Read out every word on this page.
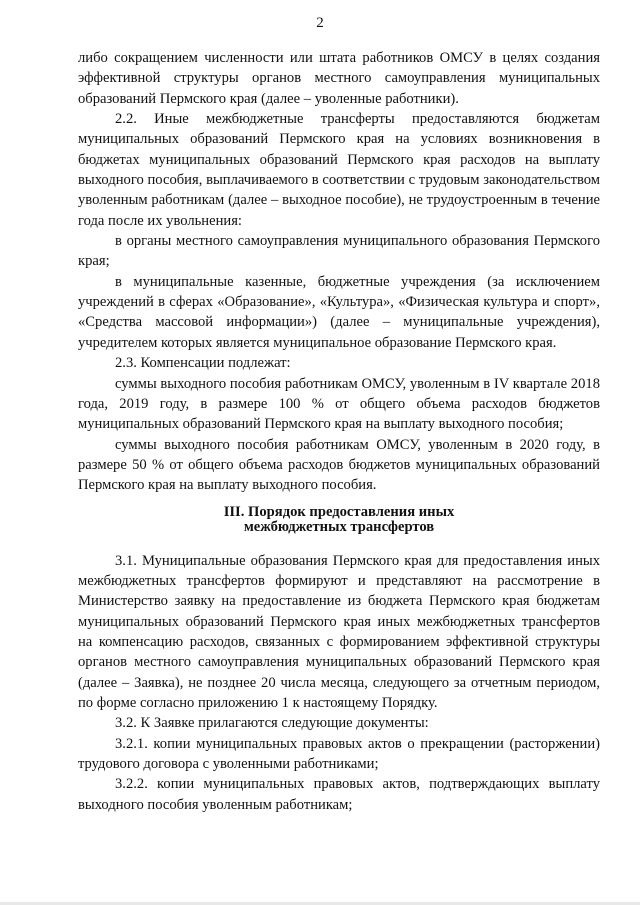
2

либо сокращением численности или штата работников ОМСУ в целях создания эффективной структуры органов местного самоуправления муниципальных образований Пермского края (далее – уволенные работники).

2.2. Иные межбюджетные трансферты предоставляются бюджетам муниципальных образований Пермского края на условиях возникновения в бюджетах муниципальных образований Пермского края расходов на выплату выходного пособия, выплачиваемого в соответствии с трудовым законодательством уволенным работникам (далее – выходное пособие), не трудоустроенным в течение года после их увольнения:

в органы местного самоуправления муниципального образования Пермского края;

в муниципальные казенные, бюджетные учреждения (за исключением учреждений в сферах «Образование», «Культура», «Физическая культура и спорт», «Средства массовой информации») (далее – муниципальные учреждения), учредителем которых является муниципальное образование Пермского края.

2.3. Компенсации подлежат:

суммы выходного пособия работникам ОМСУ, уволенным в IV квартале 2018 года, 2019 году, в размере 100 % от общего объема расходов бюджетов муниципальных образований Пермского края на выплату выходного пособия;

суммы выходного пособия работникам ОМСУ, уволенным в 2020 году, в размере 50 % от общего объема расходов бюджетов муниципальных образований Пермского края на выплату выходного пособия.

III. Порядок предоставления иных
межбюджетных трансфертов

3.1. Муниципальные образования Пермского края для предоставления иных межбюджетных трансфертов формируют и представляют на рассмотрение в Министерство заявку на предоставление из бюджета Пермского края бюджетам муниципальных образований Пермского края иных межбюджетных трансфертов на компенсацию расходов, связанных с формированием эффективной структуры органов местного самоуправления муниципальных образований Пермского края (далее – Заявка), не позднее 20 числа месяца, следующего за отчетным периодом, по форме согласно приложению 1 к настоящему Порядку.

3.2. К Заявке прилагаются следующие документы:

3.2.1. копии муниципальных правовых актов о прекращении (расторжении) трудового договора с уволенными работниками;

3.2.2. копии муниципальных правовых актов, подтверждающих выплату выходного пособия уволенным работникам;
